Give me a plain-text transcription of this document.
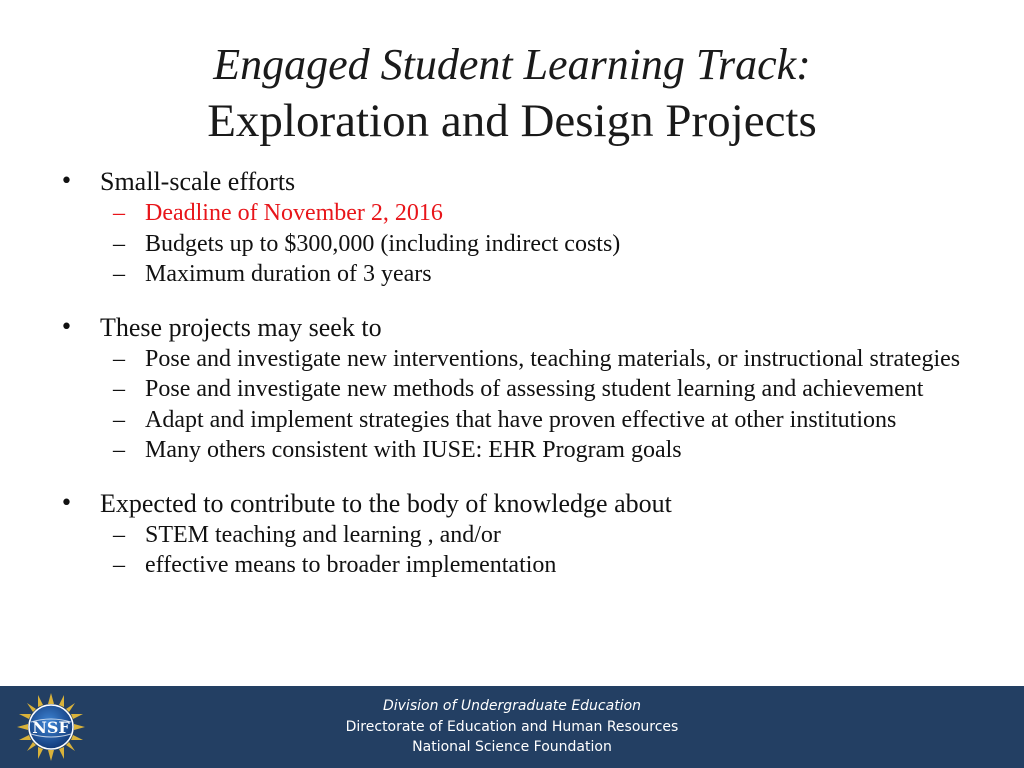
Engaged Student Learning Track:
Exploration and Design Projects
• Small-scale efforts
– Deadline of November 2, 2016
– Budgets up to $300,000 (including indirect costs)
– Maximum duration of 3 years
• These projects may seek to
– Pose and investigate new interventions, teaching materials, or instructional strategies
– Pose and investigate new methods of assessing student learning and achievement
– Adapt and implement strategies that have proven effective at other institutions
– Many others consistent with IUSE: EHR Program goals
• Expected to contribute to the body of knowledge about
– STEM teaching and learning , and/or
– effective means to broader implementation
NSF
Division of Undergraduate Education
Directorate of Education and Human Resources
National Science Foundation
